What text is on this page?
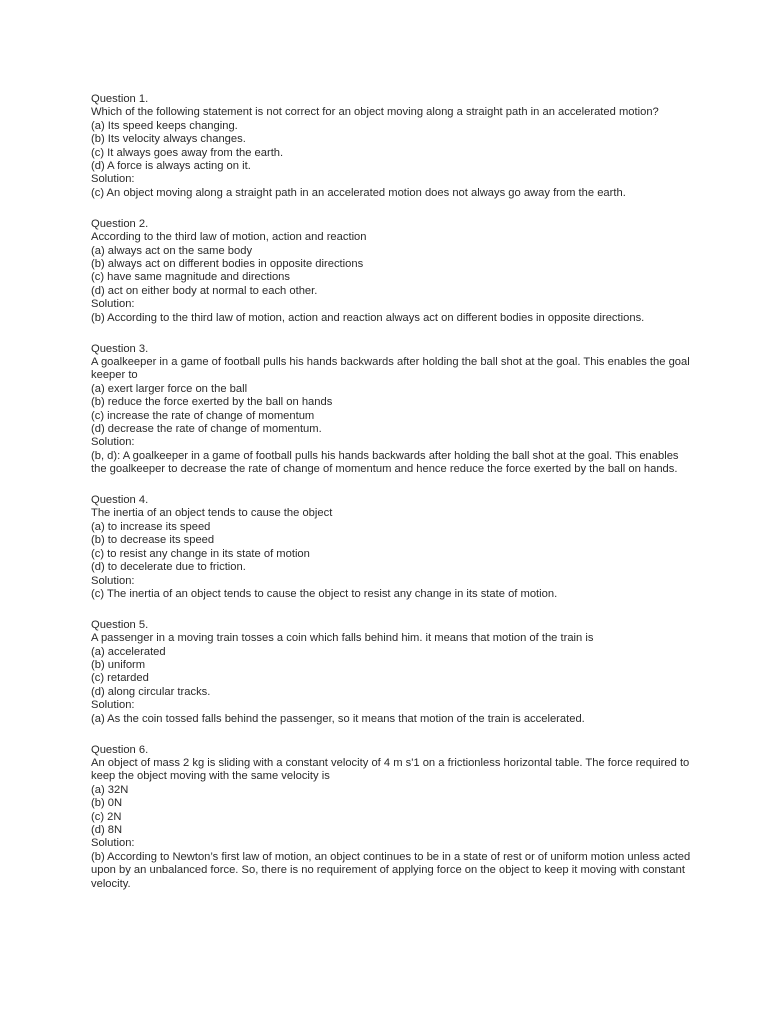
Question 1.
Which of the following statement is not correct for an object moving along a straight path in an accelerated motion?
(a) Its speed keeps changing.
(b) Its velocity always changes.
(c) It always goes away from the earth.
(d) A force is always acting on it.
Solution:
(c) An object moving along a straight path in an accelerated motion does not always go away from the earth.
Question 2.
According to the third law of motion, action and reaction
(a) always act on the same body
(b) always act on different bodies in opposite directions
(c) have same magnitude and directions
(d) act on either body at normal to each other.
Solution:
(b) According to the third law of motion, action and reaction always act on different bodies in opposite directions.
Question 3.
A goalkeeper in a game of football pulls his hands backwards after holding the ball shot at the goal. This enables the goal keeper to
(a) exert larger force on the ball
(b) reduce the force exerted by the ball on hands
(c) increase the rate of change of momentum
(d) decrease the rate of change of momentum.
Solution:
(b, d): A goalkeeper in a game of football pulls his hands backwards after holding the ball shot at the goal. This enables the goalkeeper to decrease the rate of change of momentum and hence reduce the force exerted by the ball on hands.
Question 4.
The inertia of an object tends to cause the object
(a) to increase its speed
(b) to decrease its speed
(c) to resist any change in its state of motion
(d) to decelerate due to friction.
Solution:
(c) The inertia of an object tends to cause the object to resist any change in its state of motion.
Question 5.
A passenger in a moving train tosses a coin which falls behind him. it means that motion of the train is
(a) accelerated
(b) uniform
(c) retarded
(d) along circular tracks.
Solution:
(a) As the coin tossed falls behind the passenger, so it means that motion of the train is accelerated.
Question 6.
An object of mass 2 kg is sliding with a constant velocity of 4 m s'1 on a frictionless horizontal table. The force required to keep the object moving with the same velocity is
(a) 32N
(b) 0N
(c) 2N
(d) 8N
Solution:
(b) According to Newton’s first law of motion, an object continues to be in a state of rest or of uniform motion unless acted upon by an unbalanced force. So, there is no requirement of applying force on the object to keep it moving with constant velocity.
